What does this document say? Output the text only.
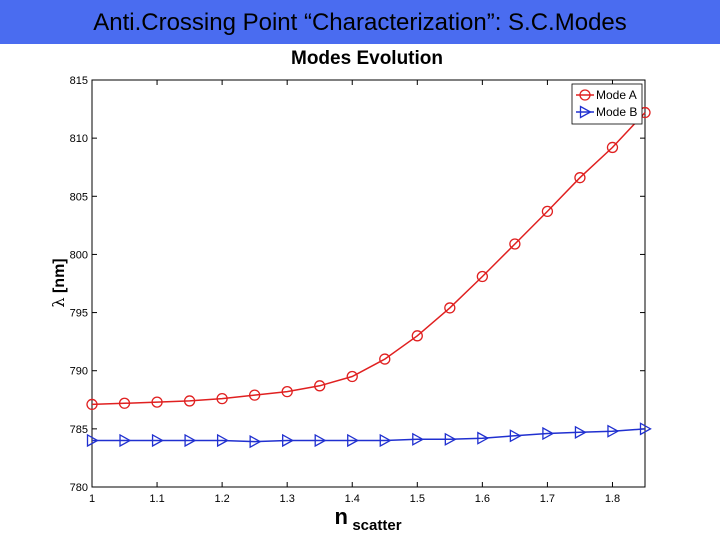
Anti.Crossing Point “Characterization”: S.C.Modes
Modes Evolution
λ [nm]
n scatter
780
785
790
795
800
805
810
815
1	1.1	1.2	1.3	1.4	1.5	1.6	1.7	1.8
Mode A
Mode B
